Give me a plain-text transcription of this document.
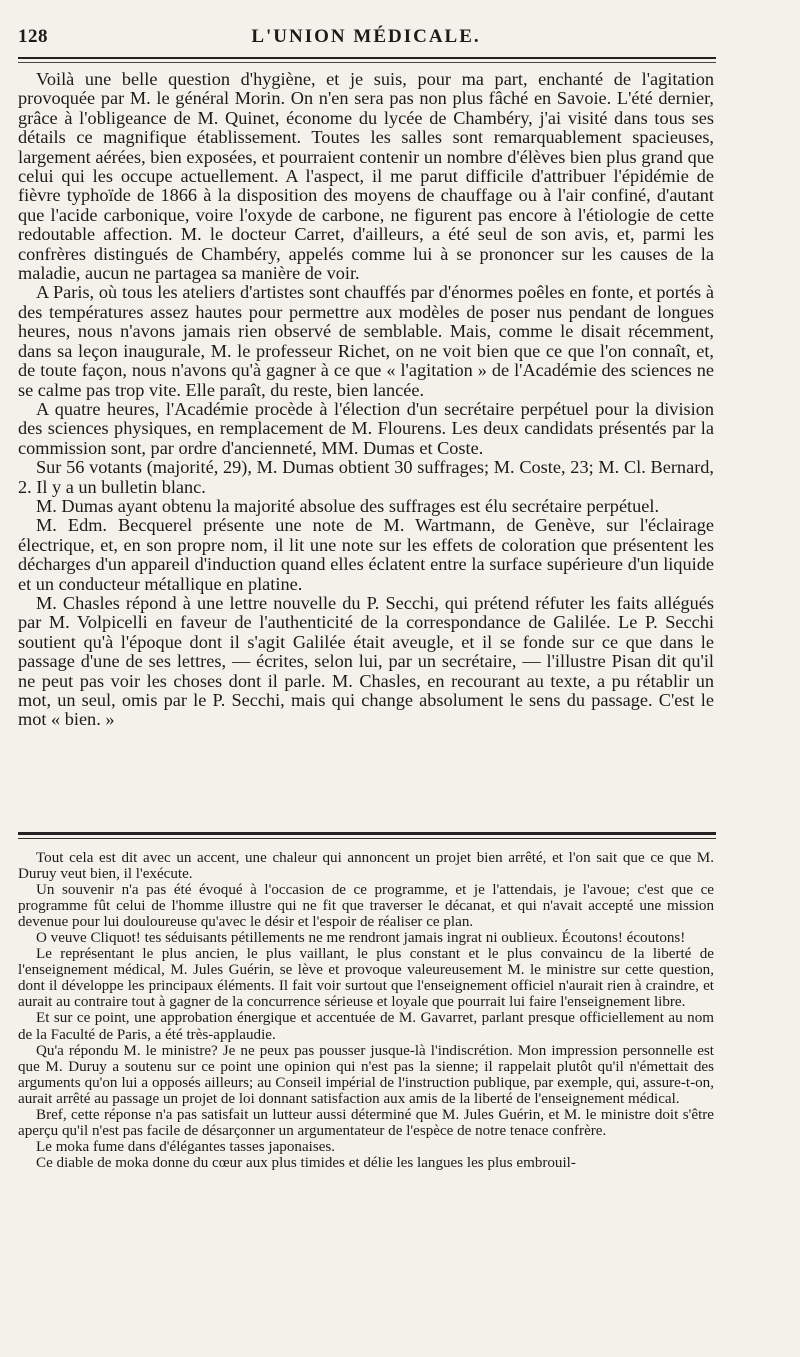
128	L'UNION MÉDICALE.

Voilà une belle question d'hygiène, et je suis, pour ma part, enchanté de l'agitation provoquée par M. le général Morin. On n'en sera pas non plus fâché en Savoie. L'été dernier, grâce à l'obligeance de M. Quinet, économe du lycée de Chambéry, j'ai visité dans tous ses détails ce magnifique établissement. Toutes les salles sont remarquablement spacieuses, largement aérées, bien exposées, et pourraient contenir un nombre d'élèves bien plus grand que celui qui les occupe actuellement. A l'aspect, il me parut difficile d'attribuer l'épidémie de fièvre typhoïde de 1866 à la disposition des moyens de chauffage ou à l'air confiné, d'autant que l'acide carbonique, voire l'oxyde de carbone, ne figurent pas encore à l'étiologie de cette redoutable affection. M. le docteur Carret, d'ailleurs, a été seul de son avis, et, parmi les confrères distingués de Chambéry, appelés comme lui à se prononcer sur les causes de la maladie, aucun ne partagea sa manière de voir.

A Paris, où tous les ateliers d'artistes sont chauffés par d'énormes poêles en fonte, et portés à des températures assez hautes pour permettre aux modèles de poser nus pendant de longues heures, nous n'avons jamais rien observé de semblable. Mais, comme le disait récemment, dans sa leçon inaugurale, M. le professeur Richet, on ne voit bien que ce que l'on connaît, et, de toute façon, nous n'avons qu'à gagner à ce que « l'agitation » de l'Académie des sciences ne se calme pas trop vite. Elle paraît, du reste, bien lancée.

A quatre heures, l'Académie procède à l'élection d'un secrétaire perpétuel pour la division des sciences physiques, en remplacement de M. Flourens. Les deux candidats présentés par la commission sont, par ordre d'ancienneté, MM. Dumas et Coste.

Sur 56 votants (majorité, 29), M. Dumas obtient 30 suffrages; M. Coste, 23; M. Cl. Bernard, 2. Il y a un bulletin blanc.

M. Dumas ayant obtenu la majorité absolue des suffrages est élu secrétaire perpétuel.

M. Edm. Becquerel présente une note de M. Wartmann, de Genève, sur l'éclairage électrique, et, en son propre nom, il lit une note sur les effets de coloration que présentent les décharges d'un appareil d'induction quand elles éclatent entre la surface supérieure d'un liquide et un conducteur métallique en platine.

M. Chasles répond à une lettre nouvelle du P. Secchi, qui prétend réfuter les faits allégués par M. Volpicelli en faveur de l'authenticité de la correspondance de Galilée. Le P. Secchi soutient qu'à l'époque dont il s'agit Galilée était aveugle, et il se fonde sur ce que dans le passage d'une de ses lettres, — écrites, selon lui, par un secrétaire, — l'illustre Pisan dit qu'il ne peut pas voir les choses dont il parle. M. Chasles, en recourant au texte, a pu rétablir un mot, un seul, omis par le P. Secchi, mais qui change absolument le sens du passage. C'est le mot « bien. »

Tout cela est dit avec un accent, une chaleur qui annoncent un projet bien arrêté, et l'on sait que ce que M. Duruy veut bien, il l'exécute.

Un souvenir n'a pas été évoqué à l'occasion de ce programme, et je l'attendais, je l'avoue; c'est que ce programme fût celui de l'homme illustre qui ne fit que traverser le décanat, et qui n'avait accepté une mission devenue pour lui douloureuse qu'avec le désir et l'espoir de réaliser ce plan.

O veuve Cliquot! tes séduisants pétillements ne me rendront jamais ingrat ni oublieux. Écoutons! écoutons!

Le représentant le plus ancien, le plus vaillant, le plus constant et le plus convaincu de la liberté de l'enseignement médical, M. Jules Guérin, se lève et provoque valeureusement M. le ministre sur cette question, dont il développe les principaux éléments. Il fait voir surtout que l'enseignement officiel n'aurait rien à craindre, et aurait au contraire tout à gagner de la concurrence sérieuse et loyale que pourrait lui faire l'enseignement libre.

Et sur ce point, une approbation énergique et accentuée de M. Gavarret, parlant presque officiellement au nom de la Faculté de Paris, a été très-applaudie.

Qu'a répondu M. le ministre? Je ne peux pas pousser jusque-là l'indiscrétion. Mon impression personnelle est que M. Duruy a soutenu sur ce point une opinion qui n'est pas la sienne; il rappelait plutôt qu'il n'émettait des arguments qu'on lui a opposés ailleurs; au Conseil impérial de l'instruction publique, par exemple, qui, assure-t-on, aurait arrêté au passage un projet de loi donnant satisfaction aux amis de la liberté de l'enseignement médical.

Bref, cette réponse n'a pas satisfait un lutteur aussi déterminé que M. Jules Guérin, et M. le ministre doit s'être aperçu qu'il n'est pas facile de désarçonner un argumentateur de l'espèce de notre tenace confrère.

Le moka fume dans d'élégantes tasses japonaises.

Ce diable de moka donne du cœur aux plus timides et délie les langues les plus embrouil-
